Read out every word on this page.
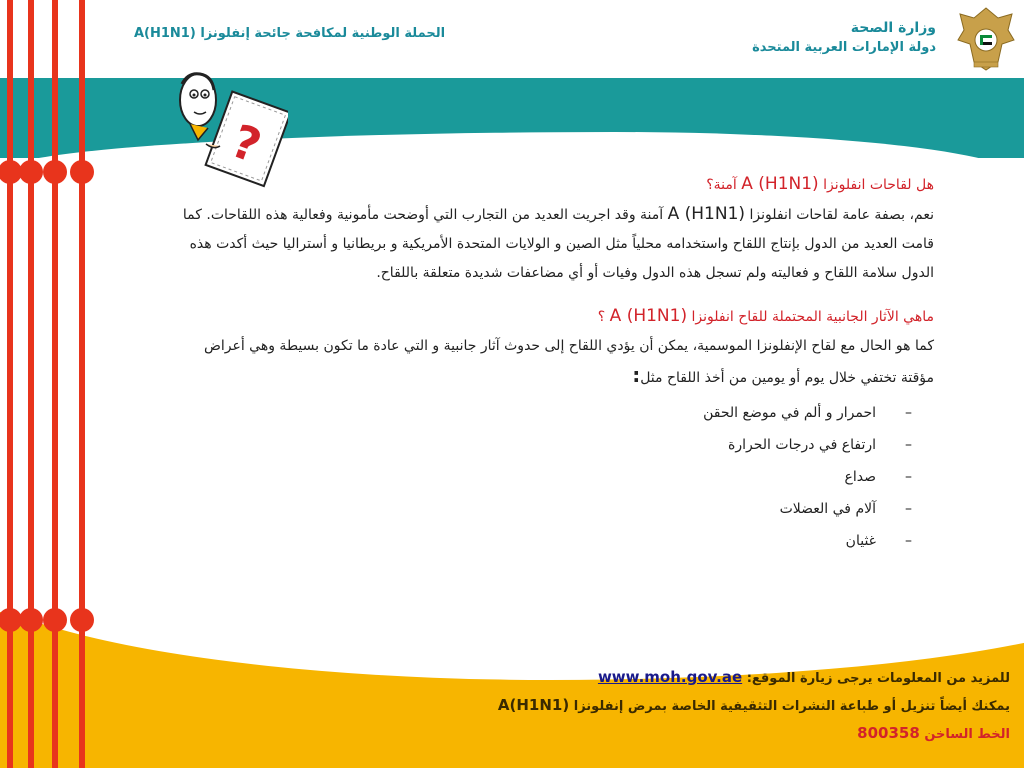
الحملة الوطنية لمكافحة جائحة إنفلونزا A(H1N1)	وزارة الصحة
دولة الإمارات العربية المتحدة
?

هل لقاحات انفلونزا A (H1N1) آمنة؟

نعم، بصفة عامة لقاحات انفلونزا A (H1N1) آمنة وقد اجريت العديد من التجارب التي أوضحت مأمونية وفعالية هذه اللقاحات. كما قامت العديد من الدول بإنتاج اللقاح واستخدامه محلياً مثل الصين و الولايات المتحدة الأمريكية و بريطانيا و أستراليا حيث أكدت هذه الدول سلامة اللقاح و فعاليته ولم تسجل هذه الدول وفيات أو أي مضاعفات شديدة متعلقة باللقاح.

ماهي الآثار الجانبية المحتملة للقاح انفلونزا A (H1N1) ؟

كما هو الحال مع لقاح الإنفلونزا الموسمية، يمكن أن يؤدي اللقاح إلى حدوث آثار جانبية و التي عادة ما تكون بسيطة وهي أعراض مؤقتة تختفي خلال يوم أو يومين من أخذ اللقاح مثل:

–
احمرار و ألم في موضع الحقن
–
ارتفاع في درجات الحرارة
–
صداع
–
آلام في العضلات
–
غثيان
للمزيد من المعلومات يرجى زيارة الموقع: www.moh.gov.ae
يمكنك أيضاً تنزيل أو طباعة النشرات التثقيفية الخاصة بمرض إنفلونزا A(H1N1)
الخط الساخن 800358
